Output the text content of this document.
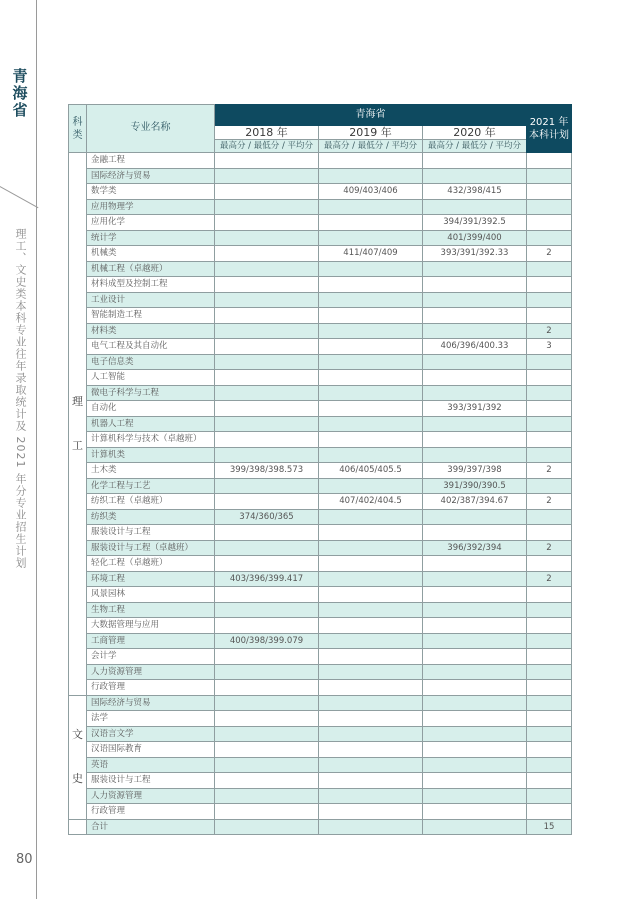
青海省
理工、文史类本科专业往年录取统计及 2021 年分专业招生计划
80
科
类	专业名称	青海省			2021 年
本科计划
		2018 年	2019 年	2020 年	
		最高分 / 最低分 / 平均分	最高分 / 最低分 / 平均分	最高分 / 最低分 / 平均分	
理

工	金融工程				
	国际经济与贸易				
	数学类		409/403/406	432/398/415	
	应用物理学				
	应用化学			394/391/392.5	
	统计学			401/399/400	
	机械类		411/407/409	393/391/392.33	2
	机械工程（卓越班）				
	材料成型及控制工程				
	工业设计				
	智能制造工程				
	材料类				2
	电气工程及其自动化			406/396/400.33	3
	电子信息类				
	人工智能				
	微电子科学与工程				
	自动化			393/391/392	
	机器人工程				
	计算机科学与技术（卓越班）				
	计算机类				
	土木类	399/398/398.573	406/405/405.5	399/397/398	2
	化学工程与工艺			391/390/390.5	
	纺织工程（卓越班）		407/402/404.5	402/387/394.67	2
	纺织类	374/360/365			
	服装设计与工程				
	服装设计与工程（卓越班）			396/392/394	2
	轻化工程（卓越班）				
	环境工程	403/396/399.417			2
	风景园林				
	生物工程				
	大数据管理与应用				
	工商管理	400/398/399.079			
	会计学				
	人力资源管理				
	行政管理				
文

史	国际经济与贸易				
	法学				
	汉语言文学				
	汉语国际教育				
	英语				
	服装设计与工程				
	人力资源管理				
	行政管理				
	合计				15
